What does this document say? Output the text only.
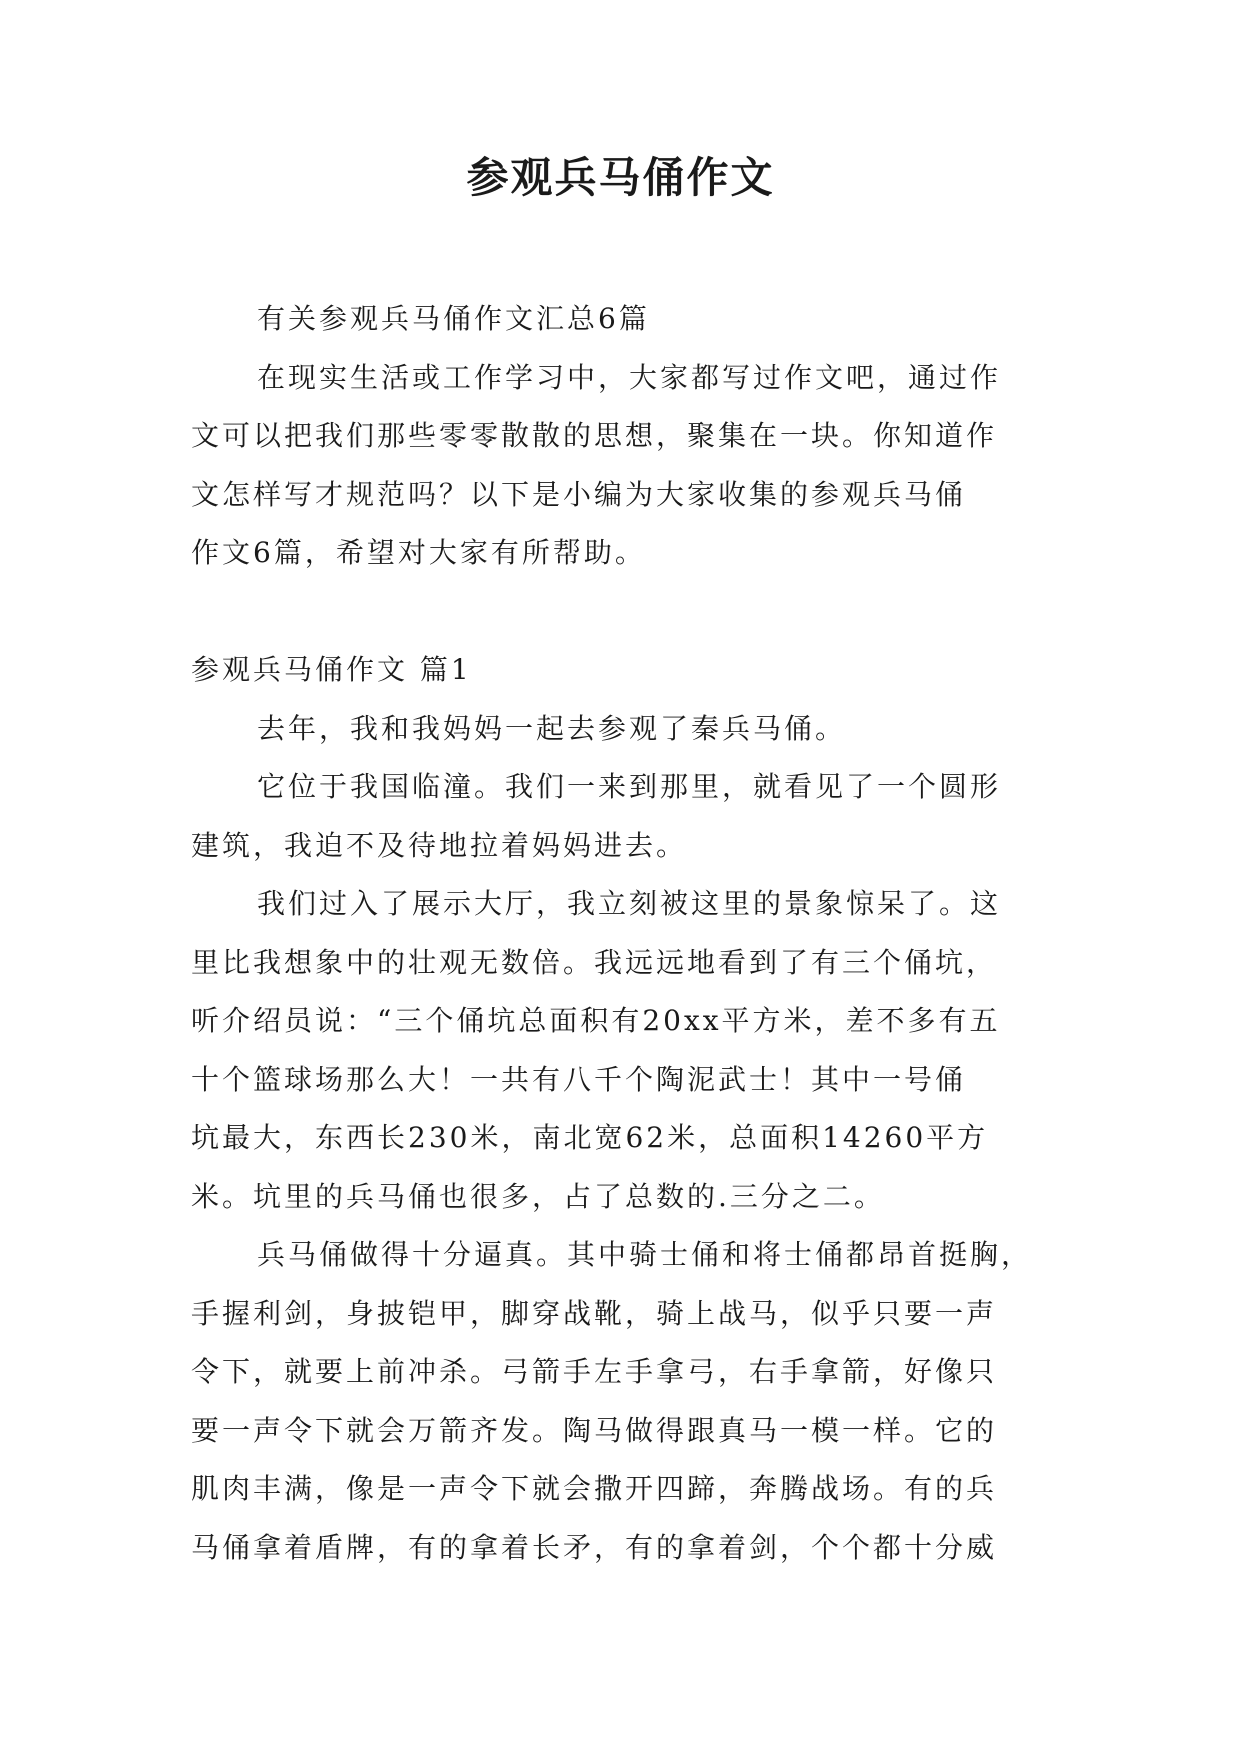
参观兵马俑作文
有关参观兵马俑作文汇总6篇
在现实生活或工作学习中，大家都写过作文吧，通过作
文可以把我们那些零零散散的思想，聚集在一块。你知道作
文怎样写才规范吗？以下是小编为大家收集的参观兵马俑
作文6篇，希望对大家有所帮助。
参观兵马俑作文 篇1
去年，我和我妈妈一起去参观了秦兵马俑。
它位于我国临潼。我们一来到那里，就看见了一个圆形
建筑，我迫不及待地拉着妈妈进去。
我们过入了展示大厅，我立刻被这里的景象惊呆了。这
里比我想象中的壮观无数倍。我远远地看到了有三个俑坑，
听介绍员说：“三个俑坑总面积有20xx平方米，差不多有五
十个篮球场那么大！一共有八千个陶泥武士！其中一号俑
坑最大，东西长230米，南北宽62米，总面积14260平方
米。坑里的兵马俑也很多，占了总数的.三分之二。
兵马俑做得十分逼真。其中骑士俑和将士俑都昂首挺胸，
手握利剑，身披铠甲，脚穿战靴，骑上战马，似乎只要一声
令下，就要上前冲杀。弓箭手左手拿弓，右手拿箭，好像只
要一声令下就会万箭齐发。陶马做得跟真马一模一样。它的
肌肉丰满，像是一声令下就会撒开四蹄，奔腾战场。有的兵
马俑拿着盾牌，有的拿着长矛，有的拿着剑，个个都十分威
